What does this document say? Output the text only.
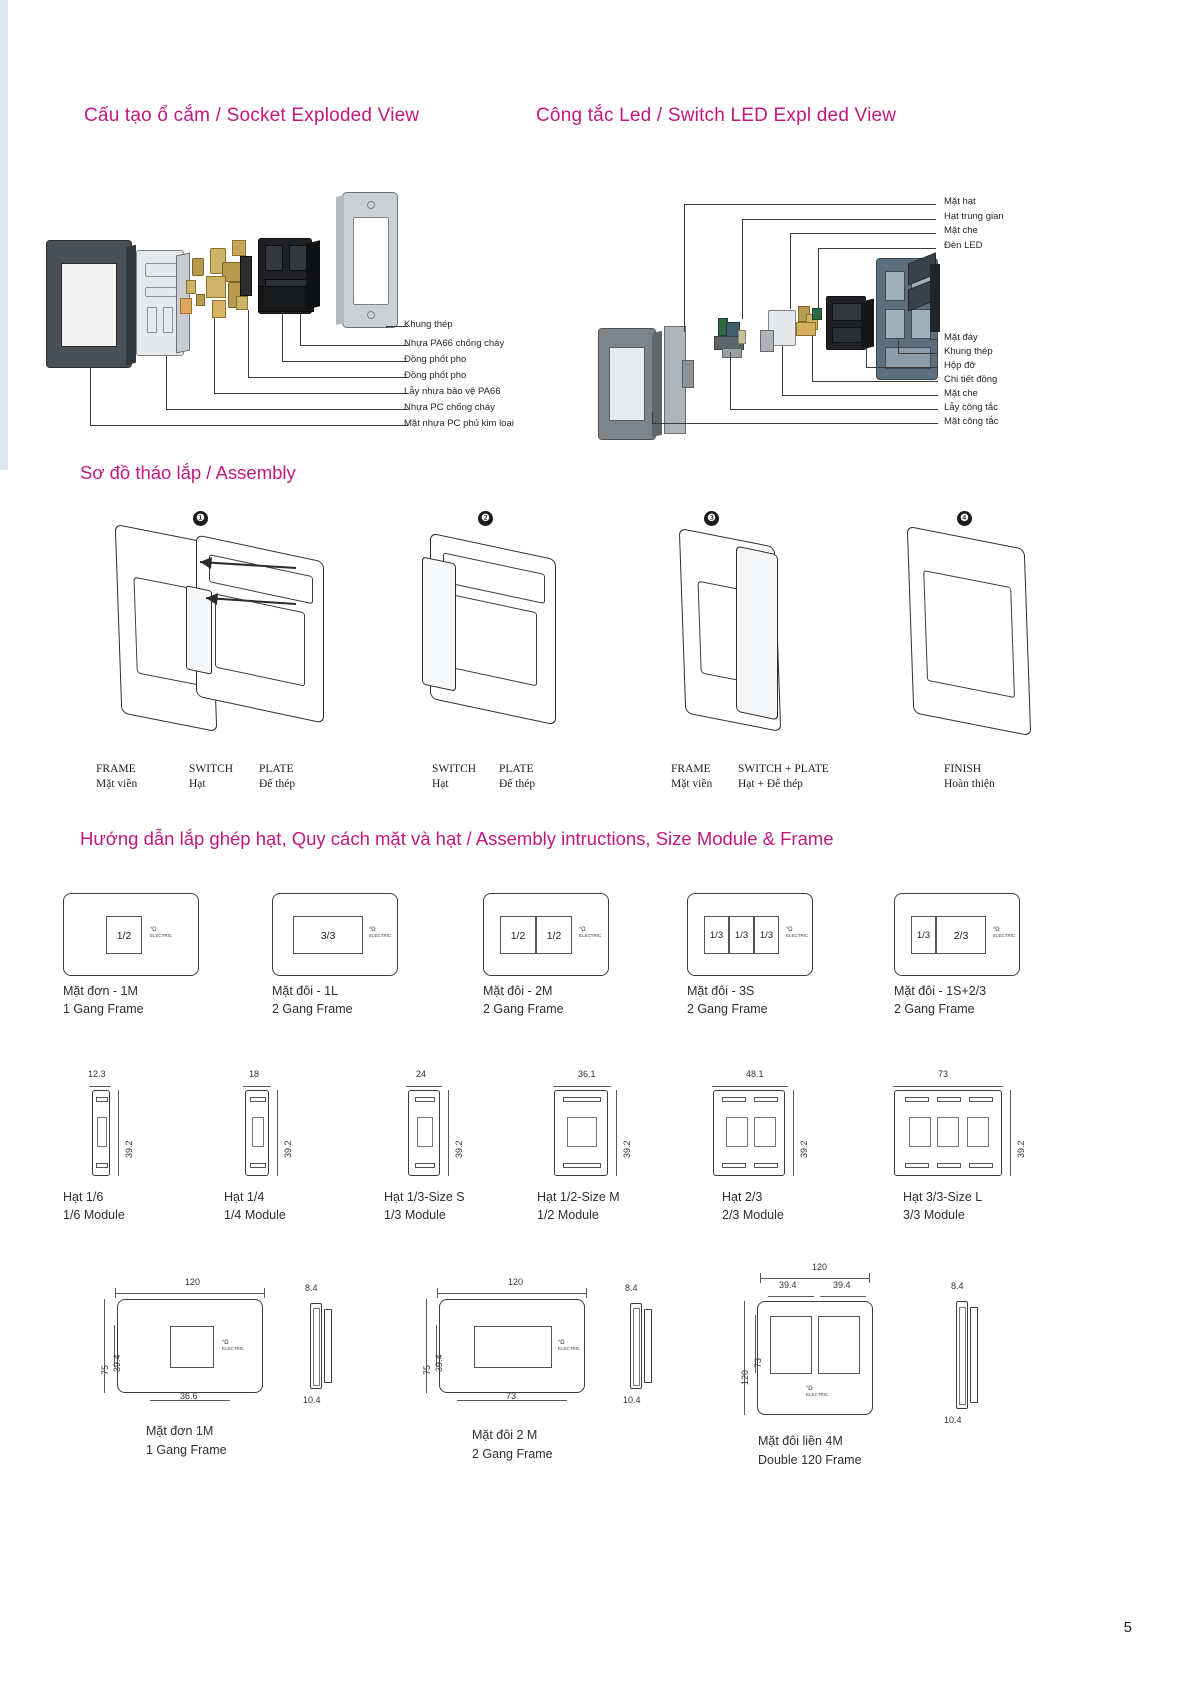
Cấu tạo ổ cắm / Socket Exploded View	Công tắc Led / Switch LED Expl ded View
Sơ đồ tháo lắp / Assembly
Hướng dẫn lắp ghép hạt, Quy cách mặt và hạt / Assembly intructions, Size Module & Frame
Khung thép
Nhựa PA66 chống cháy
Đồng phốt pho
Đồng phốt pho
Lẫy nhựa bảo vệ PA66
Nhựa PC chống cháy
Mặt nhựa PC phủ kim loại
Mặt hạt
Hạt trung gian
Mặt che
Đèn LED
Mặt đáy
Khung thép
Hộp đỡ
Chi tiết đồng
Mặt che
Lẫy công tắc
Mặt công tắc
❶	❷	❸	❹
FRAME
Mặt viền
SWITCH
Hạt
PLATE
Đế thép
SWITCH
Hạt
PLATE
Đế thép
FRAME
Mặt viền
SWITCH + PLATE
Hạt + Đế thép
FINISH
Hoàn thiện
1/2	°Ω
ELECTRIC
Mặt đơn - 1M
1 Gang Frame
3/3	°Ω
ELECTRIC
Mặt đôi - 1L
2 Gang Frame
1/2	1/2	°Ω
ELECTRIC
Mặt đôi - 2M
2 Gang Frame
1/3	1/3	1/3	°Ω
ELECTRIC
Mặt đôi - 3S
2 Gang Frame
1/3	2/3	°Ω
ELECTRIC
Mặt đôi - 1S+2/3
2 Gang Frame
12.3
39.2
Hạt 1/6
1/6 Module
18
39.2
Hạt 1/4
1/4 Module
24
39.2
Hạt 1/3-Size S
1/3 Module
36.1
39.2
Hạt 1/2-Size M
1/2 Module
48.1
39.2
Hạt 2/3
2/3 Module
73
39.2
Hạt 3/3-Size L
3/3 Module
120
°Ω
ELECTRIC
75 39.4
36.6
8.4
10.4
Mặt đơn 1M
1 Gang Frame
120
°Ω
ELECTRIC
75 39.4
73
8.4
10.4
Mặt đôi 2 M
2 Gang Frame
120
39.4	39.4
°Ω
ELECTRIC
120
73
8.4
10.4
Mặt đôi liền 4M
Double 120 Frame
5
